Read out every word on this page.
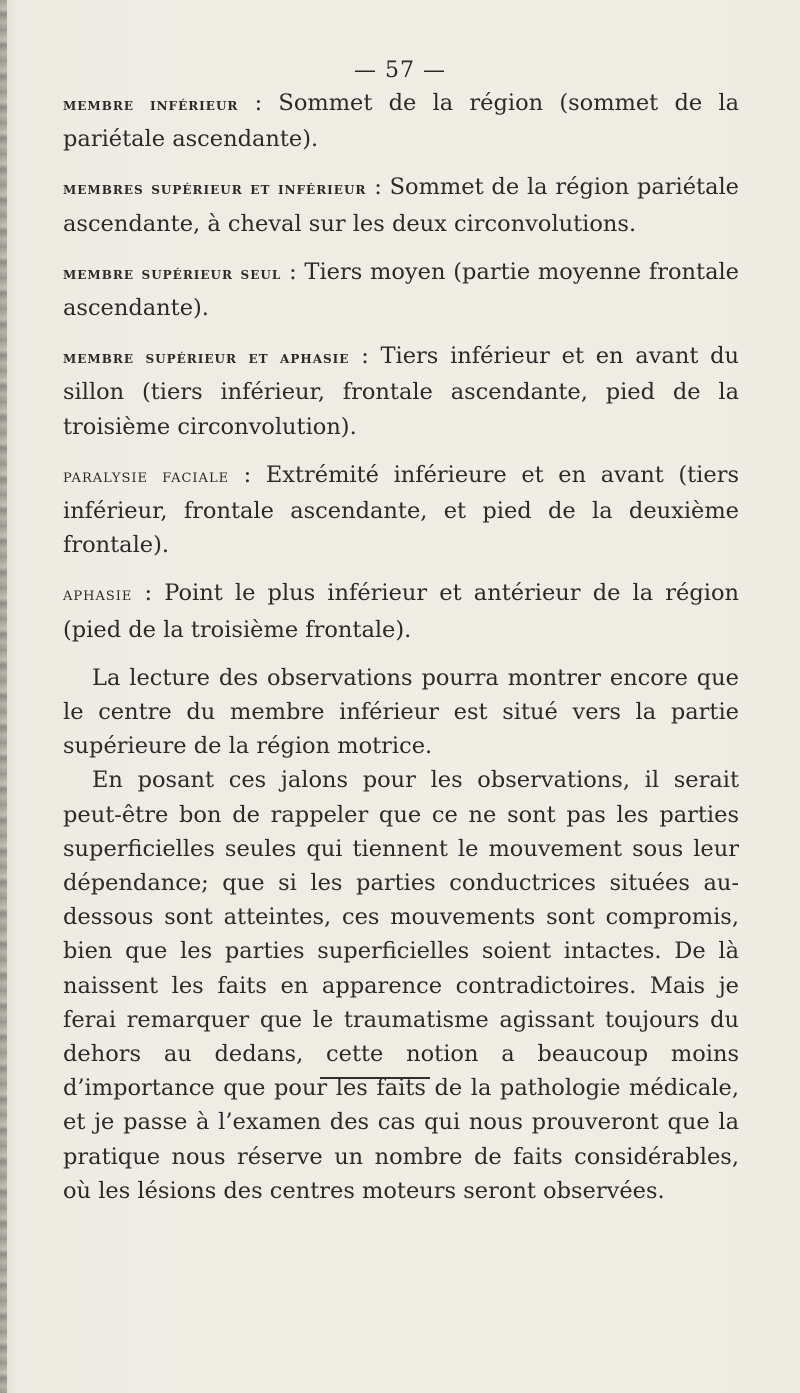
— 57 —

membre inférieur : Sommet de la région (sommet de la pariétale ascendante).

membres supérieur et inférieur : Sommet de la région pariétale ascendante, à cheval sur les deux circonvolutions.

membre supérieur seul : Tiers moyen (partie moyenne frontale ascendante).

membre supérieur et aphasie : Tiers inférieur et en avant du sillon (tiers inférieur, frontale ascendante, pied de la troisième circonvolution).

paralysie faciale : Extrémité inférieure et en avant (tiers inférieur, frontale ascendante, et pied de la deuxième frontale).

aphasie : Point le plus inférieur et antérieur de la région (pied de la troisième frontale).

La lecture des observations pourra montrer encore que le centre du membre inférieur est situé vers la partie supérieure de la région motrice.

En posant ces jalons pour les observations, il serait peut-être bon de rappeler que ce ne sont pas les parties superficielles seules qui tiennent le mouvement sous leur dépendance; que si les parties conductrices situées au-dessous sont atteintes, ces mouvements sont compromis, bien que les parties superficielles soient intactes. De là naissent les faits en apparence contradictoires. Mais je ferai remarquer que le traumatisme agissant toujours du dehors au dedans, cette notion a beaucoup moins d’importance que pour les faits de la pathologie médicale, et je passe à l’examen des cas qui nous prouveront que la pratique nous réserve un nombre de faits considérables, où les lésions des centres moteurs seront observées.
